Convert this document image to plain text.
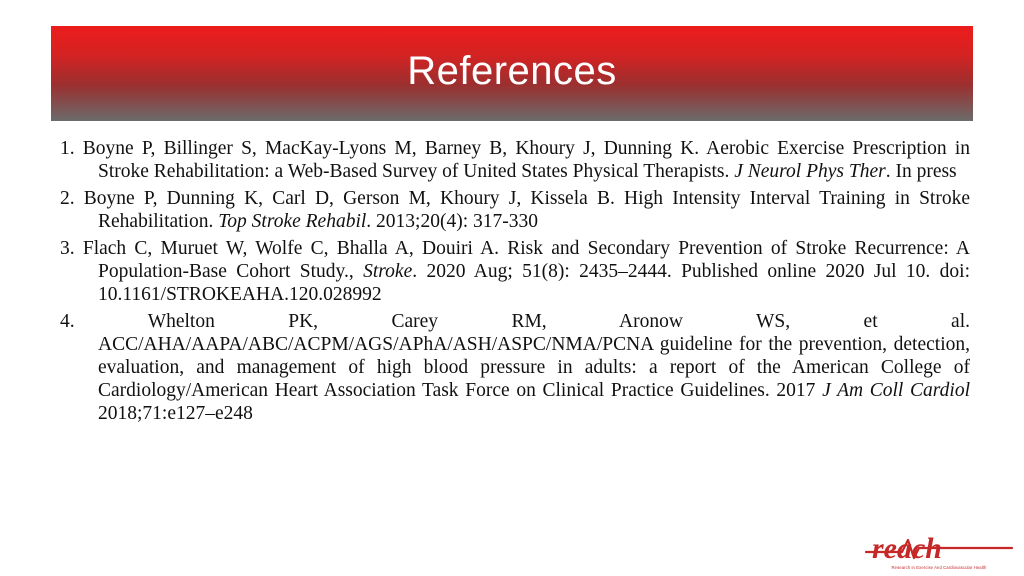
References
1. Boyne P, Billinger S, MacKay-Lyons M, Barney B, Khoury J, Dunning K. Aerobic Exercise Prescription in Stroke Rehabilitation: a Web-Based Survey of United States Physical Therapists. J Neurol Phys Ther. In press
2. Boyne P, Dunning K, Carl D, Gerson M, Khoury J, Kissela B. High Intensity Interval Training in Stroke Rehabilitation. Top Stroke Rehabil. 2013;20(4): 317-330
3. Flach C, Muruet W, Wolfe C, Bhalla A, Douiri A. Risk and Secondary Prevention of Stroke Recurrence: A Population-Base Cohort Study., Stroke. 2020 Aug; 51(8): 2435–2444. Published online 2020 Jul 10. doi: 10.1161/STROKEAHA.120.028992
4. Whelton PK, Carey RM, Aronow WS, et al. ACC/AHA/AAPA/ABC/ACPM/AGS/APhA/ASH/ASPC/NMA/PCNA guideline for the prevention, detection, evaluation, and management of high blood pressure in adults: a report of the American College of Cardiology/American Heart Association Task Force on Clinical Practice Guidelines. 2017 J Am Coll Cardiol 2018;71:e127–e248
reach
Research in Exercise And Cardiovascular Health
